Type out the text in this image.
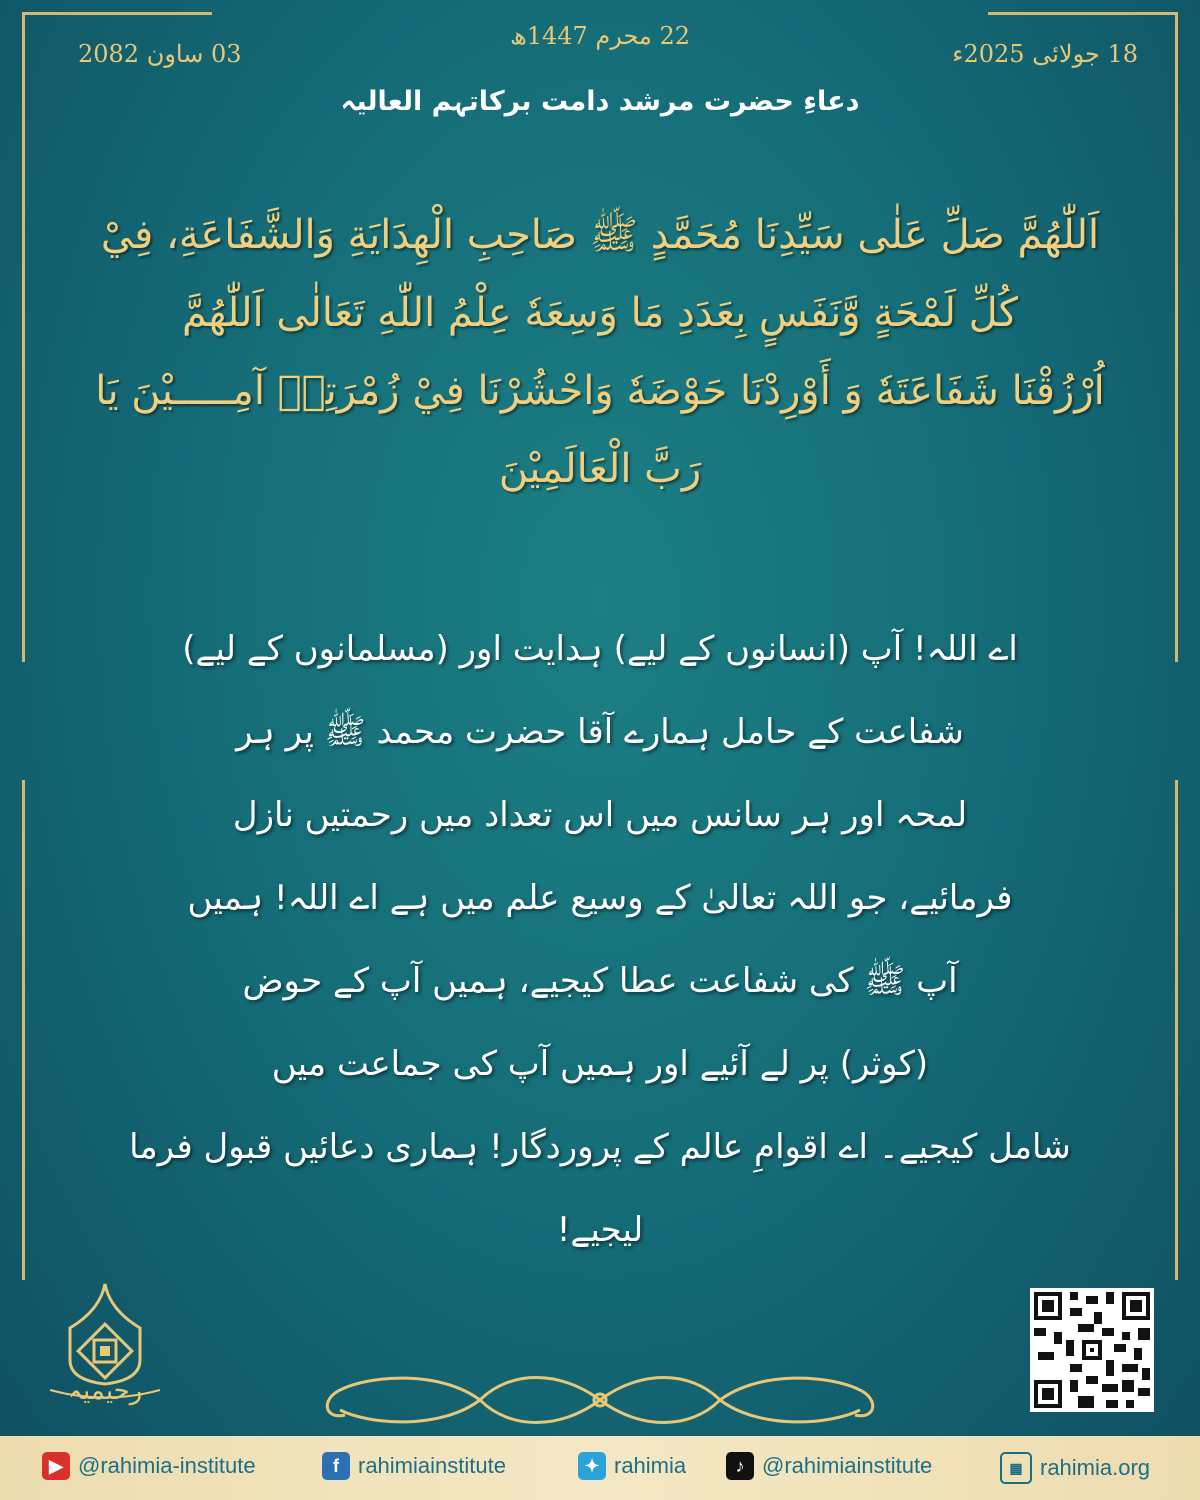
22 محرم 1447ھ
18 جولائی 2025ء
03 ساون 2082
دعاءِ حضرت مرشد دامت برکاتہم العالیہ
اَللّٰهُمَّ صَلِّ عَلٰى سَيِّدِنَا مُحَمَّدٍ ﷺ صَاحِبِ الْهِدَايَةِ وَالشَّفَاعَةِ، فِيْ
كُلِّ لَمْحَةٍ وَّنَفَسٍ بِعَدَدِ مَا وَسِعَهٗ عِلْمُ اللّٰهِ تَعَالٰى اَللّٰهُمَّ
اُرْزُقْنَا شَفَاعَتَهٗ وَ أَوْرِدْنَا حَوْضَهٗ وَاحْشُرْنَا فِيْ زُمْرَتِهٖ آمِـــــيْنَ يَا
رَبَّ الْعَالَمِيْنَ
اے اللہ! آپ (انسانوں کے لیے) ہدایت اور (مسلمانوں کے لیے)
شفاعت کے حامل ہمارے آقا حضرت محمد ﷺ پر ہر
لمحہ اور ہر سانس میں اس تعداد میں رحمتیں نازل
فرمائیے، جو اللہ تعالیٰ کے وسیع علم میں ہے اے اللہ! ہمیں
آپ ﷺ کی شفاعت عطا کیجیے، ہمیں آپ کے حوض
(کوثر) پر لے آئیے اور ہمیں آپ کی جماعت میں
شامل کیجیے۔ اے اقوامِ عالم کے پروردگار! ہماری دعائیں قبول فرما
لیجیے!
رحیمیہ
▶ @rahimia-institute	f rahimiainstitute	✦ rahimia	♪ @rahimiainstitute	▦ rahimia.org
